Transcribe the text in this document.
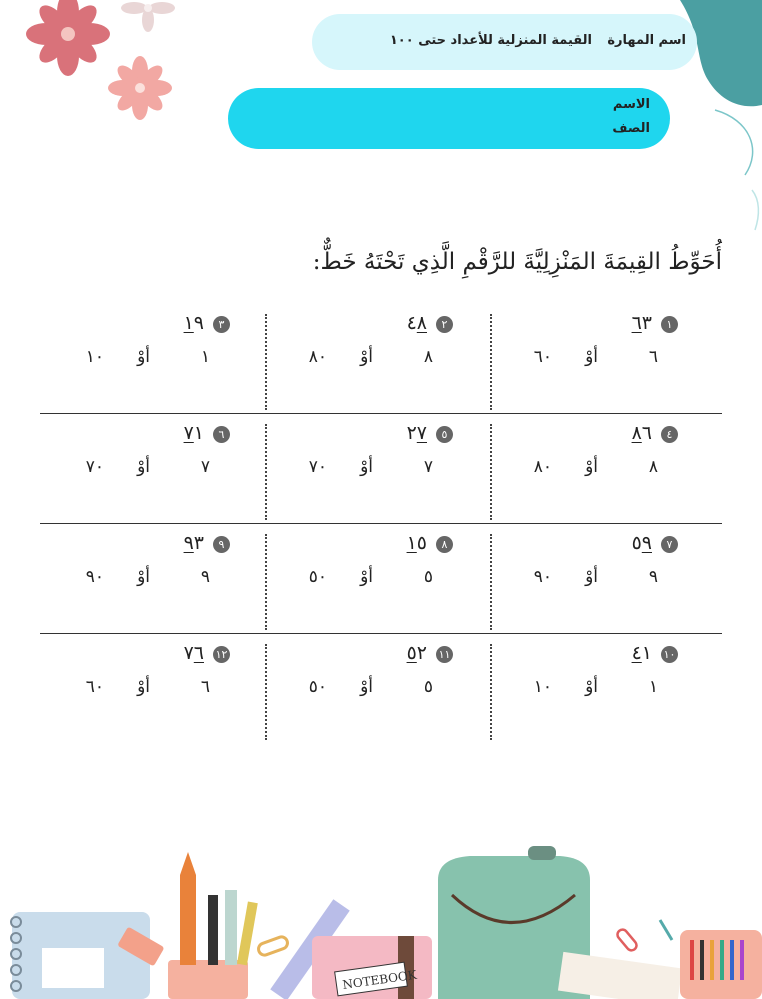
اسم المهارة
القيمة المنزلية للأعداد حتى ١٠٠
الاسم
الصف
أُحَوِّطُ القِيمَةَ المَنْزِلِيَّةَ للرَّقْمِ الَّذِي تَحْتَهُ خَطٌّ:
١
٦٣
٦
أوْ
٦٠
٢
٤٨
٨
أوْ
٨٠
٣
١٩
١
أوْ
١٠
٤
٨٦
٨
أوْ
٨٠
٥
٢٧
٧
أوْ
٧٠
٦
٧١
٧
أوْ
٧٠
٧
٥٩
٩
أوْ
٩٠
٨
١٥
٥
أوْ
٥٠
٩
٩٣
٩
أوْ
٩٠
١٠
٤١
١
أوْ
١٠
١١
٥٢
٥
أوْ
٥٠
١٢
٧٦
٦
أوْ
٦٠
NOTEBOOK
